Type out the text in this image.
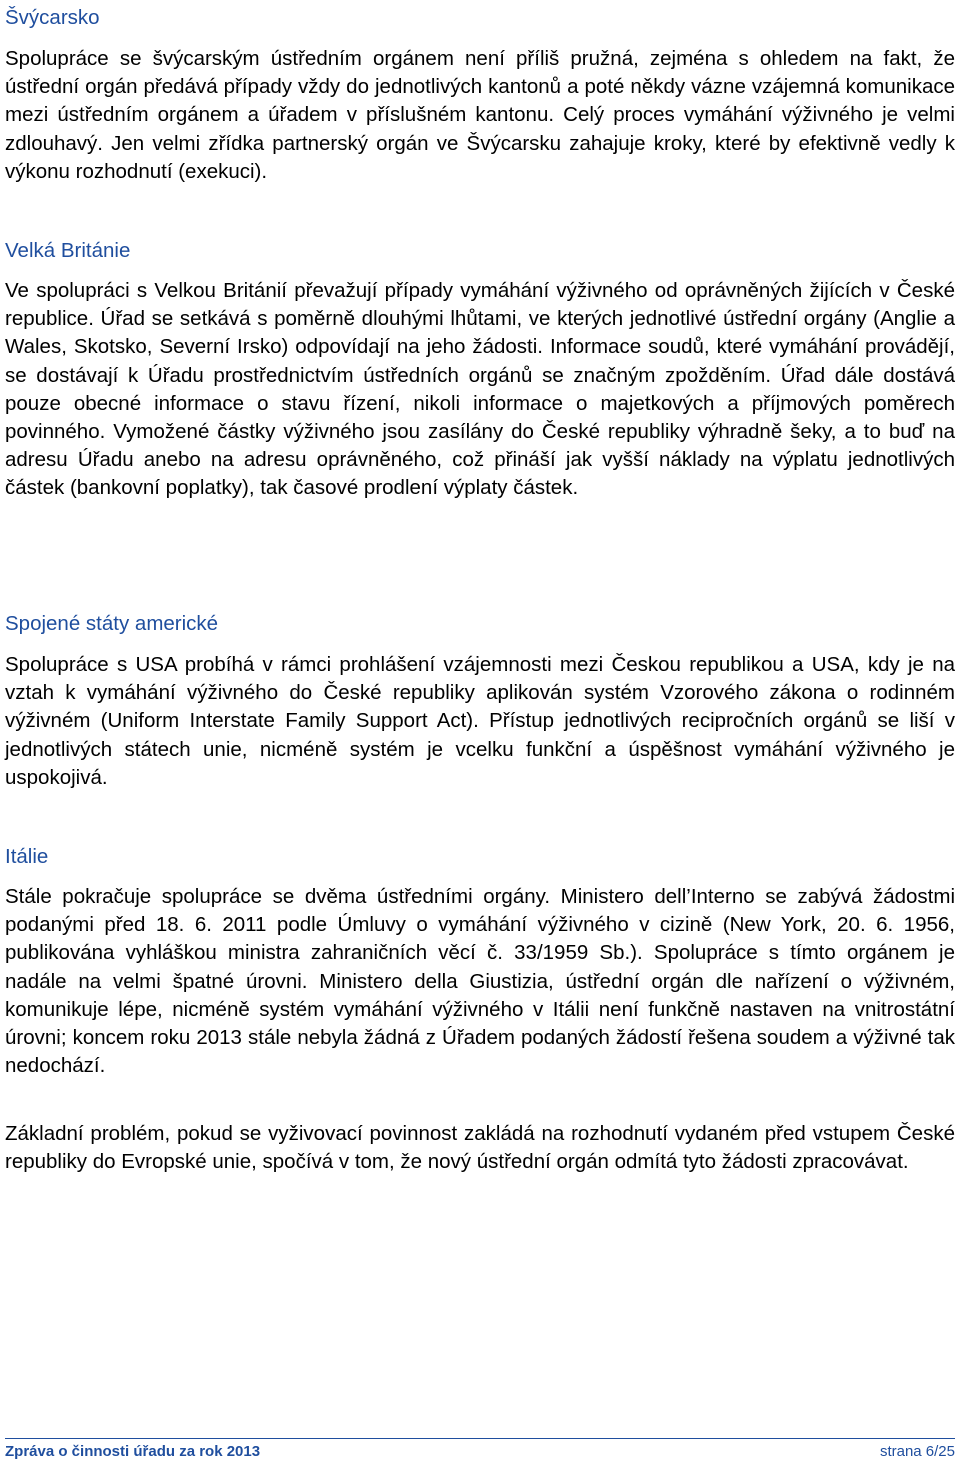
Švýcarsko

Spolupráce se švýcarským ústředním orgánem není příliš pružná, zejména s ohledem na fakt, že ústřední orgán předává případy vždy do jednotlivých kantonů a poté někdy vázne vzájemná komunikace mezi ústředním orgánem a úřadem v příslušném kantonu. Celý proces vymáhání výživného je velmi zdlouhavý. Jen velmi zřídka partnerský orgán ve Švýcarsku zahajuje kroky, které by efektivně vedly k výkonu rozhodnutí (exekuci).

Velká Británie

Ve spolupráci s Velkou Británií převažují případy vymáhání výživného od oprávněných žijících v České republice. Úřad se setkává s poměrně dlouhými lhůtami, ve kterých jednotlivé ústřední orgány (Anglie a Wales, Skotsko, Severní Irsko) odpovídají na jeho žádosti. Informace soudů, které vymáhání provádějí, se dostávají k Úřadu prostřednictvím ústředních orgánů se značným zpožděním. Úřad dále dostává pouze obecné informace o stavu řízení, nikoli informace o majetkových a příjmových poměrech povinného. Vymožené částky výživného jsou zasílány do České republiky výhradně šeky, a to buď na adresu Úřadu anebo na adresu oprávněného, což přináší jak vyšší náklady na výplatu jednotlivých částek (bankovní poplatky), tak časové prodlení výplaty částek.

Spojené státy americké

Spolupráce s USA probíhá v rámci prohlášení vzájemnosti mezi Českou republikou a USA, kdy je na vztah k vymáhání výživného do České republiky aplikován systém Vzorového zákona o rodinném výživném (Uniform Interstate Family Support Act). Přístup jednotlivých recipročních orgánů se liší v jednotlivých státech unie, nicméně systém je vcelku funkční a úspěšnost vymáhání výživného je uspokojivá.

Itálie

Stále pokračuje spolupráce se dvěma ústředními orgány. Ministero dell’Interno se zabývá žádostmi podanými před 18. 6. 2011 podle Úmluvy o vymáhání výživného v cizině (New York, 20. 6. 1956, publikována vyhláškou ministra zahraničních věcí č. 33/1959 Sb.). Spolupráce s tímto orgánem je nadále na velmi špatné úrovni. Ministero della Giustizia, ústřední orgán dle nařízení o výživném, komunikuje lépe, nicméně systém vymáhání výživného v Itálii není funkčně nastaven na vnitrostátní úrovni; koncem roku 2013 stále nebyla žádná z Úřadem podaných žádostí řešena soudem a výživné tak nedochází.

Základní problém, pokud se vyživovací povinnost zakládá na rozhodnutí vydaném před vstupem České republiky do Evropské unie, spočívá v tom, že nový ústřední orgán odmítá tyto žádosti zpracovávat.

Zpráva o činnosti úřadu za rok 2013	strana 6/25
